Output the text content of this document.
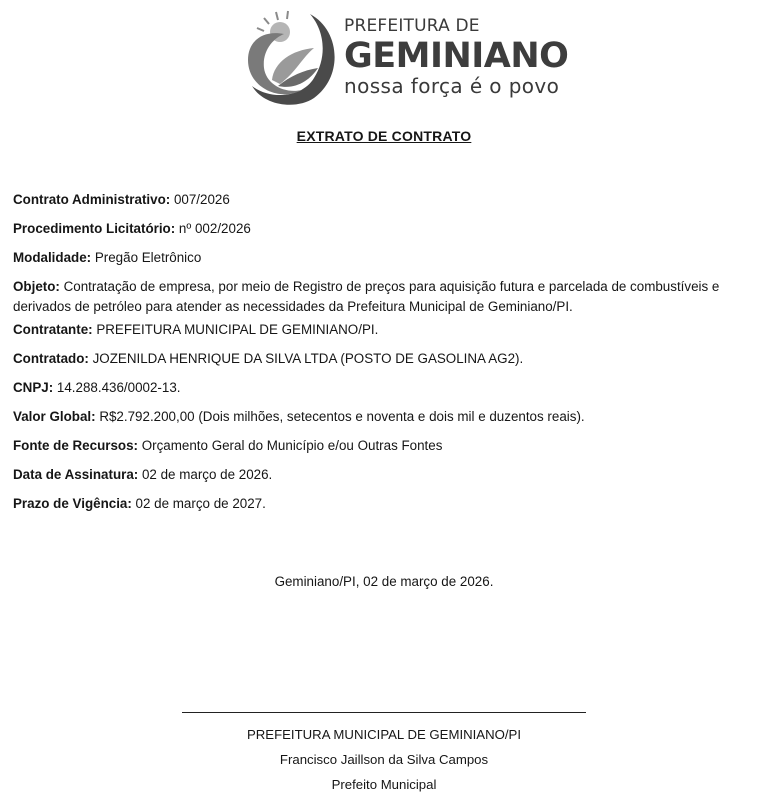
PREFEITURA DE
GEMINIANO
nossa força é o povo
EXTRATO DE CONTRATO
Contrato Administrativo: 007/2026
Procedimento Licitatório: nº 002/2026
Modalidade: Pregão Eletrônico
Objeto: Contratação de empresa, por meio de Registro de preços para aquisição futura e parcelada de combustíveis e derivados de petróleo para atender as necessidades da Prefeitura Municipal de Geminiano/PI.
Contratante: PREFEITURA MUNICIPAL DE GEMINIANO/PI.
Contratado: JOZENILDA HENRIQUE DA SILVA LTDA (POSTO DE GASOLINA AG2).
CNPJ: 14.288.436/0002-13.
Valor Global: R$2.792.200,00 (Dois milhões, setecentos e noventa e dois mil e duzentos reais).
Fonte de Recursos: Orçamento Geral do Município e/ou Outras Fontes
Data de Assinatura: 02 de março de 2026.
Prazo de Vigência: 02 de março de 2027.
Geminiano/PI, 02 de março de 2026.
PREFEITURA MUNICIPAL DE GEMINIANO/PI
Francisco Jaillson da Silva Campos
Prefeito Municipal
